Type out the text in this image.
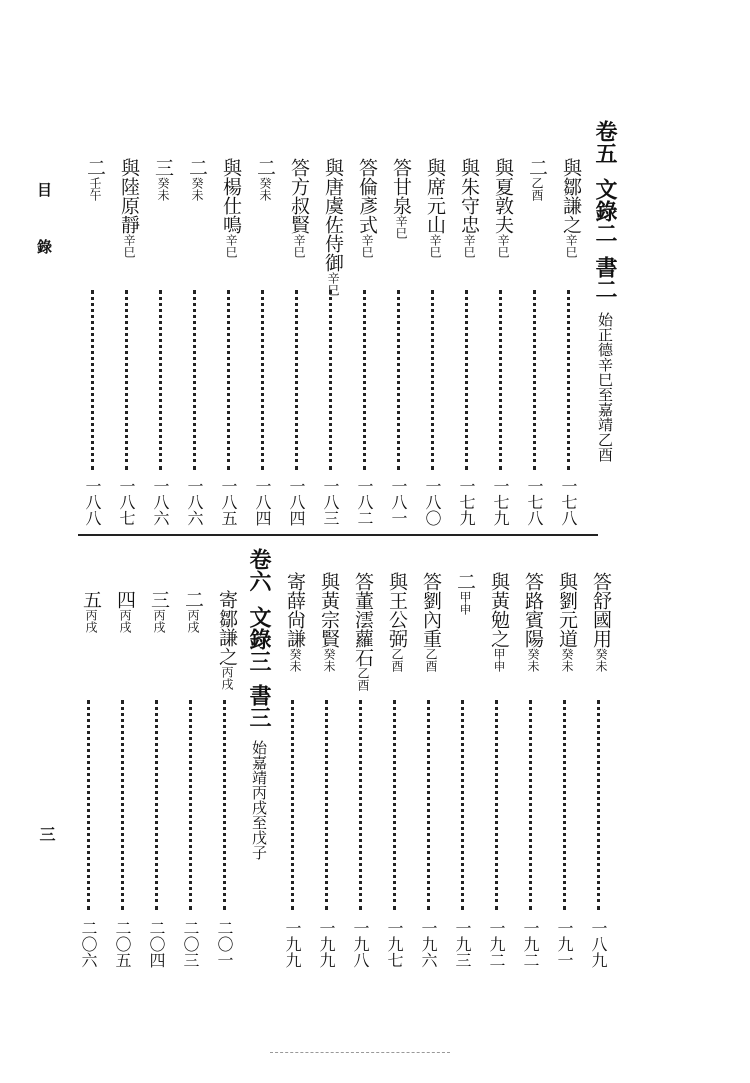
目錄
三
卷五文錄二書二始正德辛巳至嘉靖乙酉
與鄒謙之辛巳
一七八
二乙酉
一七八
與夏敦夫辛巳
一七九
與朱守忠辛巳
一七九
與席元山辛巳
一八〇
答甘泉辛巳
一八一
答倫彥式辛巳
一八二
與唐虞佐侍御辛巳
一八三
答方叔賢辛巳
一八四
二癸未
一八四
與楊仕鳴辛巳
一八五
二癸未
一八六
三癸未
一八六
與陸原靜辛巳
一八七
二壬午
一八八
答舒國用癸未
一八九
與劉元道癸未
一九一
答路賓陽癸未
一九二
與黃勉之甲申
一九二
二甲申
一九三
答劉內重乙酉
一九六
與王公弼乙酉
一九七
答董澐蘿石乙酉
一九八
與黃宗賢癸未
一九九
寄薛尙謙癸未
一九九
卷六文錄三書三始嘉靖丙戌至戊子
寄鄒謙之丙戌
二〇一
二丙戌
二〇三
三丙戌
二〇四
四丙戌
二〇五
五丙戌
二〇六
